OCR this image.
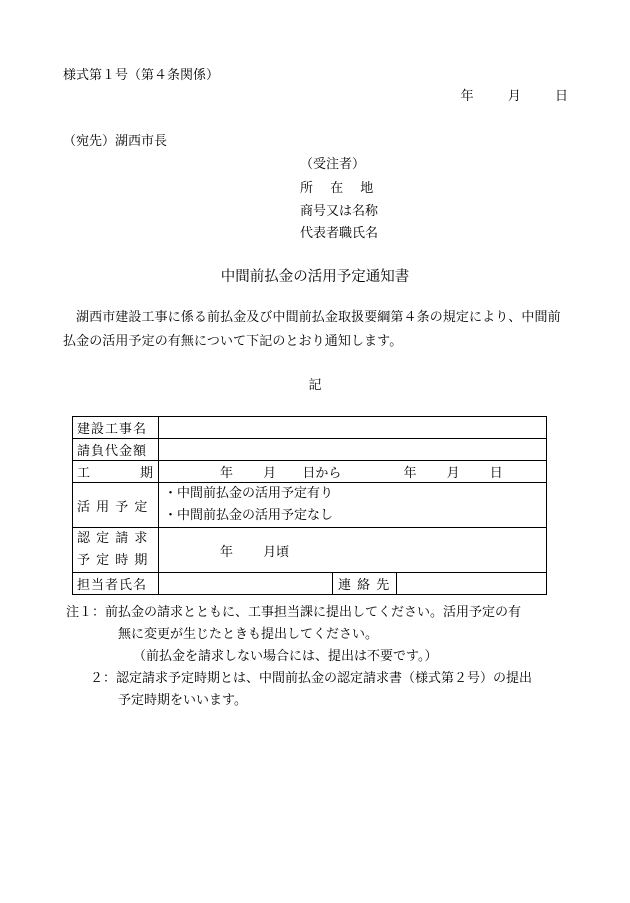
様式第１号（第４条関係）
年	月	日
（宛先）湖西市長
（受注者）
所　 在 　地
商号又は名称
代表者職氏名
中間前払金の活用予定通知書
湖西市建設工事に係る前払金及び中間前払金取扱要綱第４条の規定により、中間前払金の活用予定の有無について下記のとおり通知します。
記
建設工事名			
請負代金額			

工 期	年 月 日から 年 月 日		

活 用 予 定	・中間前払金の活用予定有り
・中間前払金の活用予定なし		

認 定 請 求
予 定 時 期	年 月頃		

担当者氏名		連 絡 先	
注１：前払金の請求とともに、工事担当課に提出してください。活用予定の有
無に変更が生じたときも提出してください。
（前払金を請求しない場合には、提出は不要です。）
２：認定請求予定時期とは、中間前払金の認定請求書（様式第２号）の提出
予定時期をいいます。
